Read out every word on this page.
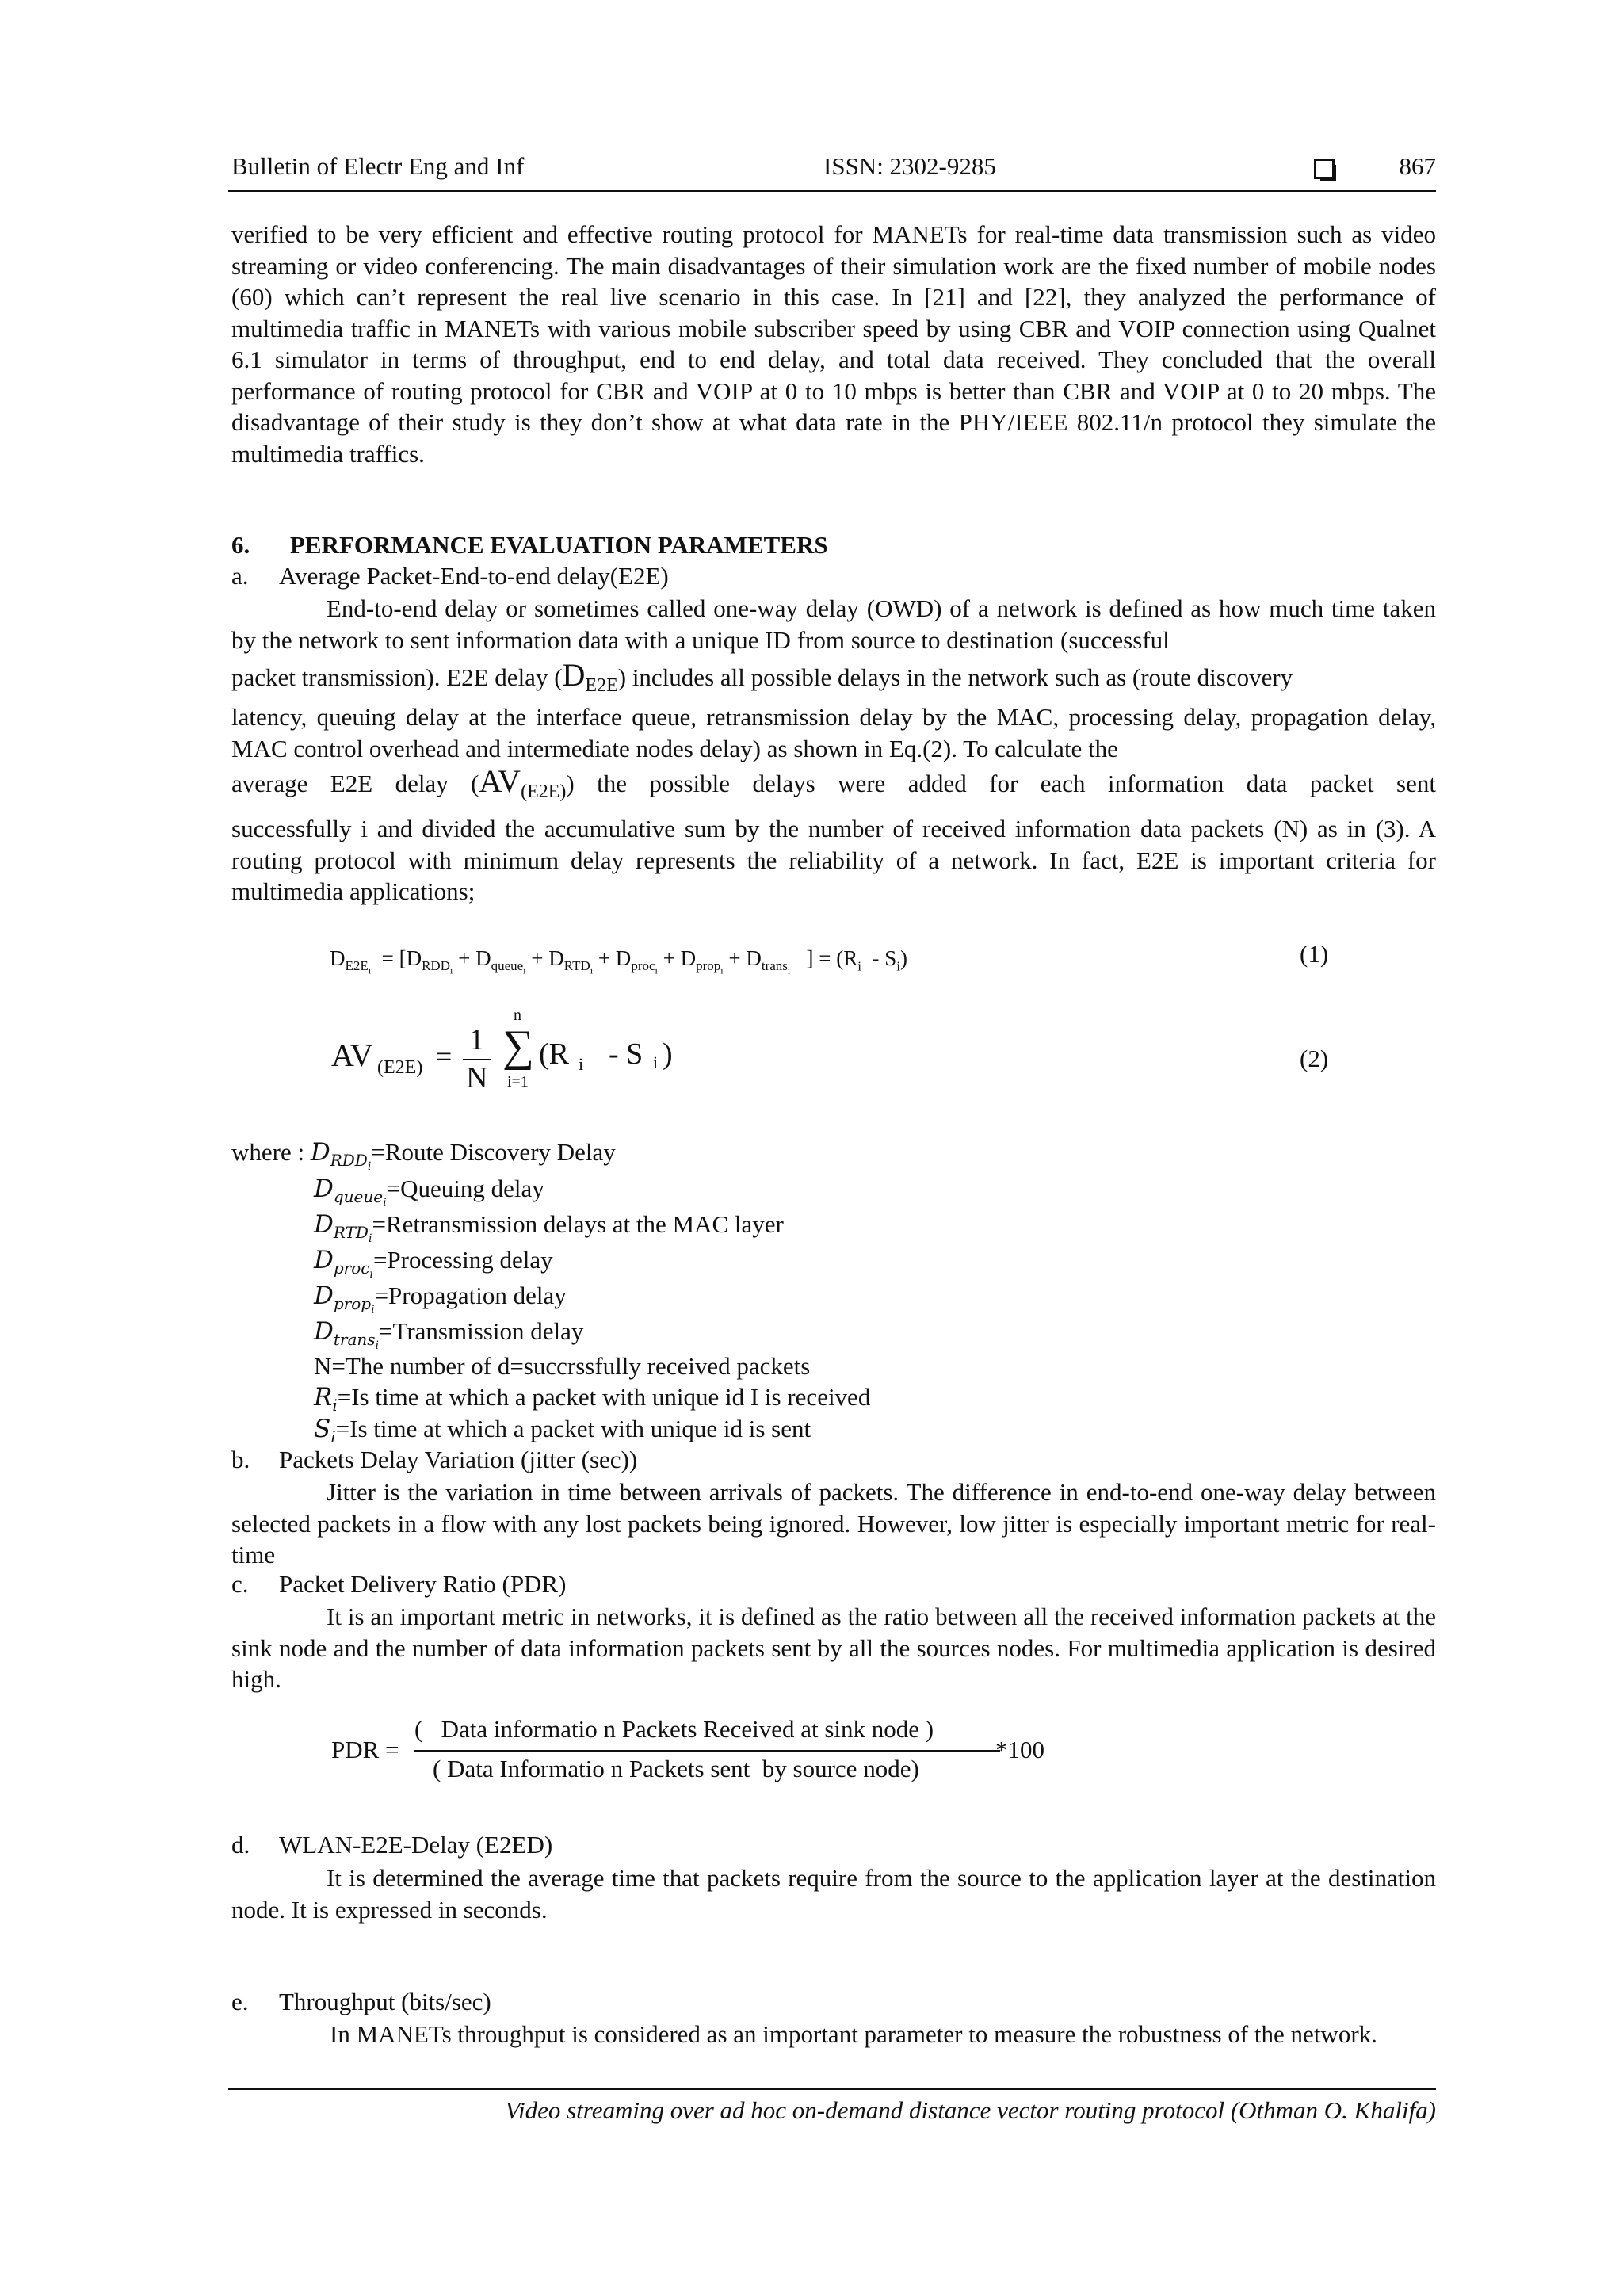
Bulletin of Electr Eng and Inf	ISSN: 2302-9285	867

verified to be very efficient and effective routing protocol for MANETs for real-time data transmission such as video streaming or video conferencing. The main disadvantages of their simulation work are the fixed number of mobile nodes (60) which can’t represent the real live scenario in this case. In [21] and [22], they analyzed the performance of multimedia traffic in MANETs with various mobile subscriber speed by using CBR and VOIP connection using Qualnet 6.1 simulator in terms of throughput, end to end delay, and total data received. They concluded that the overall performance of routing protocol for CBR and VOIP at 0 to 10 mbps is better than CBR and VOIP at 0 to 20 mbps. The disadvantage of their study is they don’t show at what data rate in the PHY/IEEE 802.11/n protocol they simulate the multimedia traffics.

6. PERFORMANCE EVALUATION PARAMETERS
a. Average Packet-End-to-end delay(E2E)

End-to-end delay or sometimes called one-way delay (OWD) of a network is defined as how much time taken by the network to sent information data with a unique ID from source to destination (successful

packet transmission). E2E delay $(D_{E2E})$ includes all possible delays in the network such as (route discovery

latency, queuing delay at the interface queue, retransmission delay by the MAC, processing delay, propagation delay, MAC control overhead and intermediate nodes delay) as shown in Eq.(2). To calculate the

average E2E delay $(AV_{(E2E)})$ the possible delays were added for each information data packet sent

successfully i and divided the accumulative sum by the number of received information data packets (N) as in (3). A routing protocol with minimum delay represents the reliability of a network. In fact, E2E is important criteria for multimedia applications;

$D_{E2E_i} = [D_{RDD_i} + D_{queue_i} + D_{RTD_i} + D_{proc_i} + D_{prop_i} + D_{trans_i}$   ] = $(R_i - S_i)$	(1)
AV (E2E) = 1
N
n
∑
i=1
(R i - S i )	(2)
where : $D_{RDD_i}=Route$ Discovery Delay
$D_{queue_i}=Queuing$ delay
$D_{RTD_i}=Retransmission$ delays at the MAC layer
$D_{proc_i}=Processing$ delay
$D_{prop_i}=Propagation$ delay
$D_{trans_i}=Transmission$ delay
N=The number of d=succrssfully received packets
$R_i=Is$ time at which a packet with unique id I is received
$S_i=Is$ time at which a packet with unique id is sent
b. Packets Delay Variation (jitter (sec))

Jitter is the variation in time between arrivals of packets. The difference in end-to-end one-way delay between selected packets in a flow with any lost packets being ignored. However, low jitter is especially important metric for real-time

c. Packet Delivery Ratio (PDR)

It is an important metric in networks, it is defined as the ratio between all the received information packets at the sink node and the number of data information packets sent by all the sources nodes. For multimedia application is desired high.

PDR =
(   Data informatio n Packets Received at sink node )
( Data Informatio n Packets sent  by source node)
*100
d. WLAN-E2E-Delay (E2ED)

It is determined the average time that packets require from the source to the application layer at the destination node. It is expressed in seconds.

e. Throughput (bits/sec)

In MANETs throughput is considered as an important parameter to measure the robustness of the network.

Video streaming over ad hoc on-demand distance vector routing protocol (Othman O. Khalifa)
